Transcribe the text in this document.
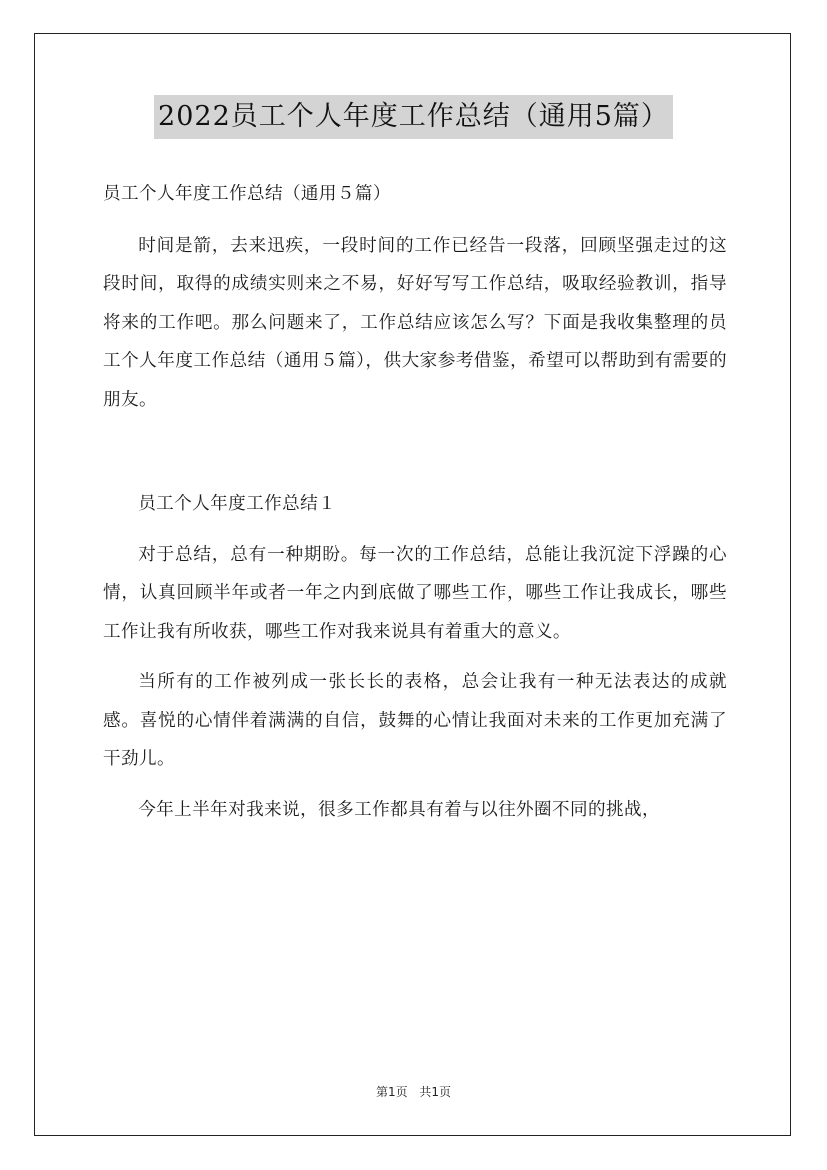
2022员工个人年度工作总结（通用5篇）

员工个人年度工作总结（通用５篇）

时间是箭，去来迅疾，一段时间的工作已经告一段落，回顾坚强走过的这段时间，取得的成绩实则来之不易，好好写写工作总结，吸取经验教训，指导将来的工作吧。那么问题来了，工作总结应该怎么写？下面是我收集整理的员工个人年度工作总结（通用５篇），供大家参考借鉴，希望可以帮助到有需要的朋友。

员工个人年度工作总结１

对于总结，总有一种期盼。每一次的工作总结，总能让我沉淀下浮躁的心情，认真回顾半年或者一年之内到底做了哪些工作，哪些工作让我成长，哪些工作让我有所收获，哪些工作对我来说具有着重大的意义。

当所有的工作被列成一张长长的表格，总会让我有一种无法表达的成就感。喜悦的心情伴着满满的自信，鼓舞的心情让我面对未来的工作更加充满了干劲儿。

今年上半年对我来说，很多工作都具有着与以往外圈不同的挑战，

第1页 共1页
